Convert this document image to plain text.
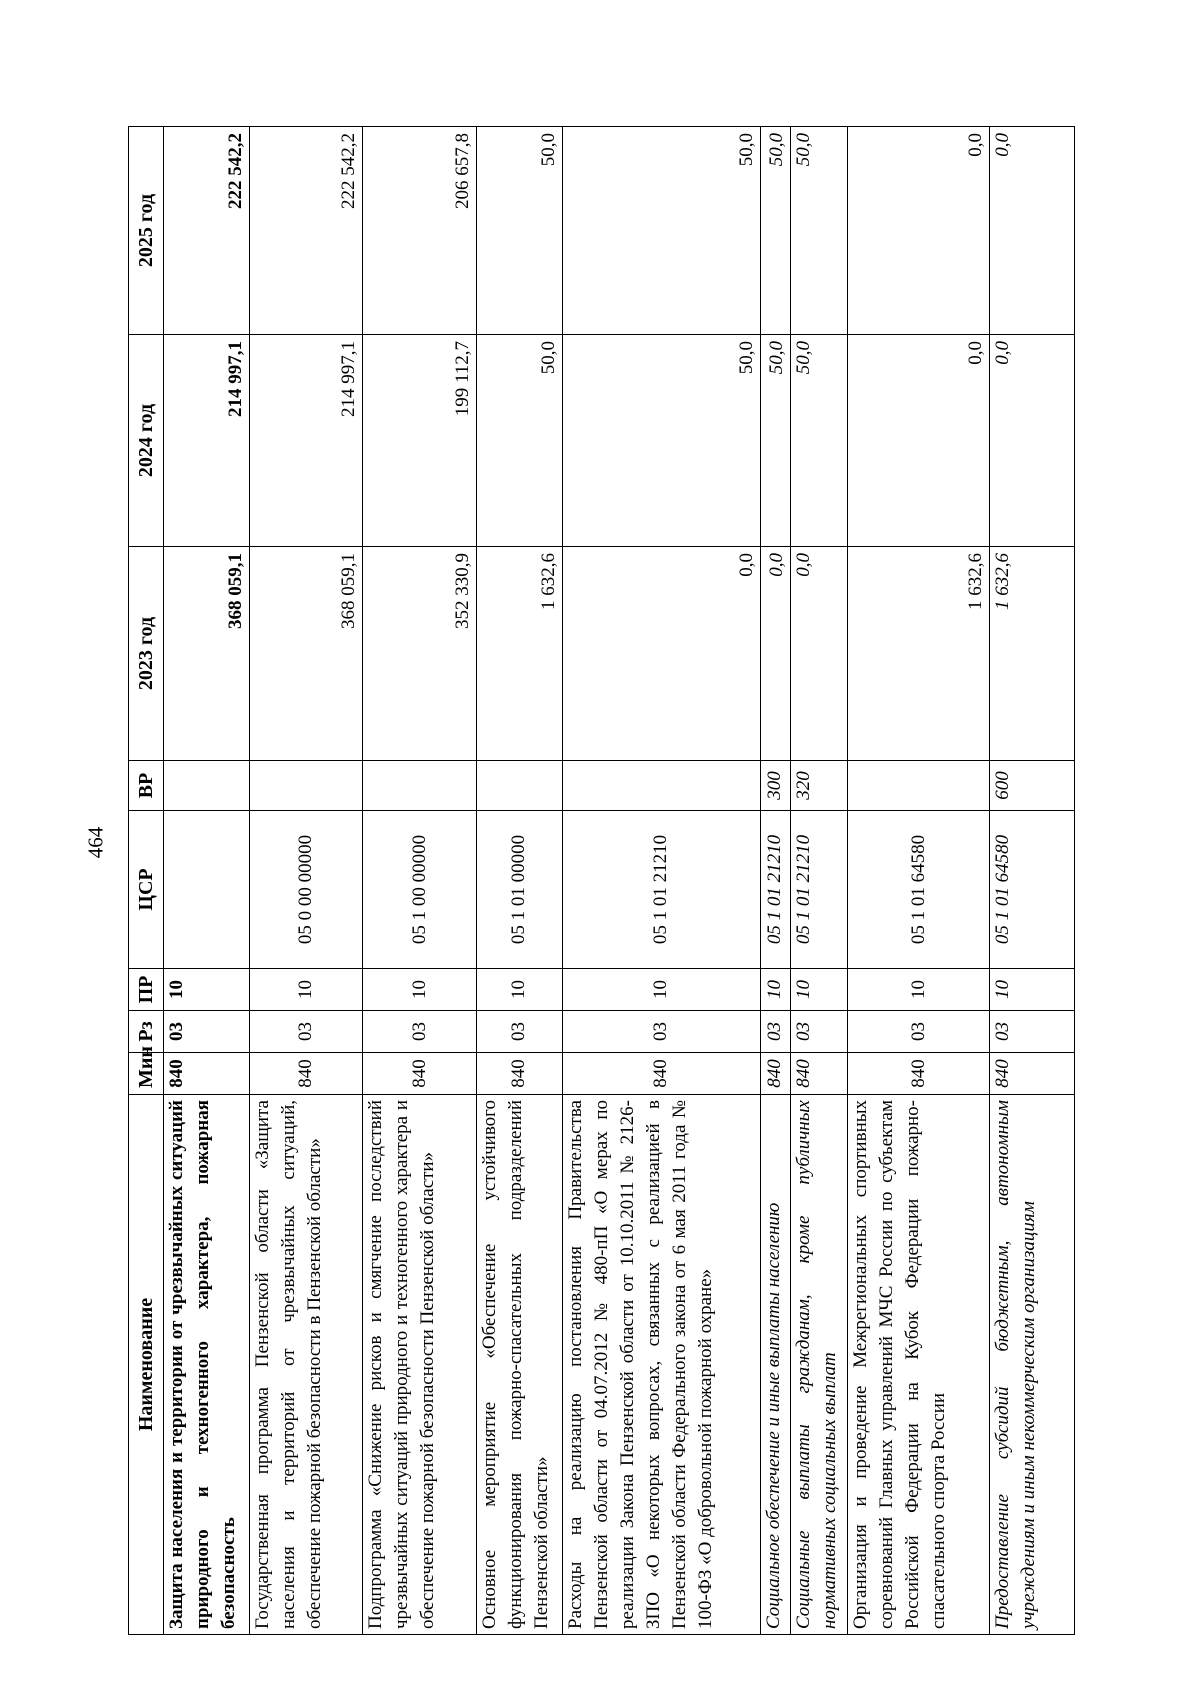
464
Наименование	Мин	Рз	ПР	ЦСР	ВР	2023 год	2024 год	2025 год
Защита населения и территории от чрезвычайных ситуаций природного и техногенного характера, пожарная безопасность	840	03	10			368 059,1	214 997,1	222 542,2
Государственная программа Пензенской области «Защита населения и территорий от чрезвычайных ситуаций, обеспечение пожарной безопасности в Пензенской области»	840	03	10	05 0 00 00000		368 059,1	214 997,1	222 542,2
Подпрограмма «Снижение рисков и смягчение последствий чрезвычайных ситуаций природного и техногенного характера и обеспечение пожарной безопасности Пензенской области»	840	03	10	05 1 00 00000		352 330,9	199 112,7	206 657,8
Основное мероприятие «Обеспечение устойчивого функционирования пожарно-спасательных подразделений Пензенской области»	840	03	10	05 1 01 00000		1 632,6	50,0	50,0
Расходы на реализацию постановления Правительства Пензенской области от 04.07.2012 № 480-пП «О мерах по реализации Закона Пензенской области от 10.10.2011 № 2126-ЗПО «О некоторых вопросах, связанных с реализацией в Пензенской области Федерального закона от 6 мая 2011 года № 100-ФЗ «О добровольной пожарной охране»	840	03	10	05 1 01 21210		0,0	50,0	50,0
Социальное обеспечение и иные выплаты населению	840	03	10	05 1 01 21210	300	0,0	50,0	50,0
Социальные выплаты гражданам, кроме публичных нормативных социальных выплат	840	03	10	05 1 01 21210	320	0,0	50,0	50,0
Организация и проведение Межрегиональных спортивных соревнований Главных управлений МЧС России по субъектам Российской Федерации на Кубок Федерации пожарно-спасательного спорта России	840	03	10	05 1 01 64580		1 632,6	0,0	0,0
Предоставление субсидий бюджетным, автономным учреждениям и иным некоммерческим организациям	840	03	10	05 1 01 64580	600	1 632,6	0,0	0,0
